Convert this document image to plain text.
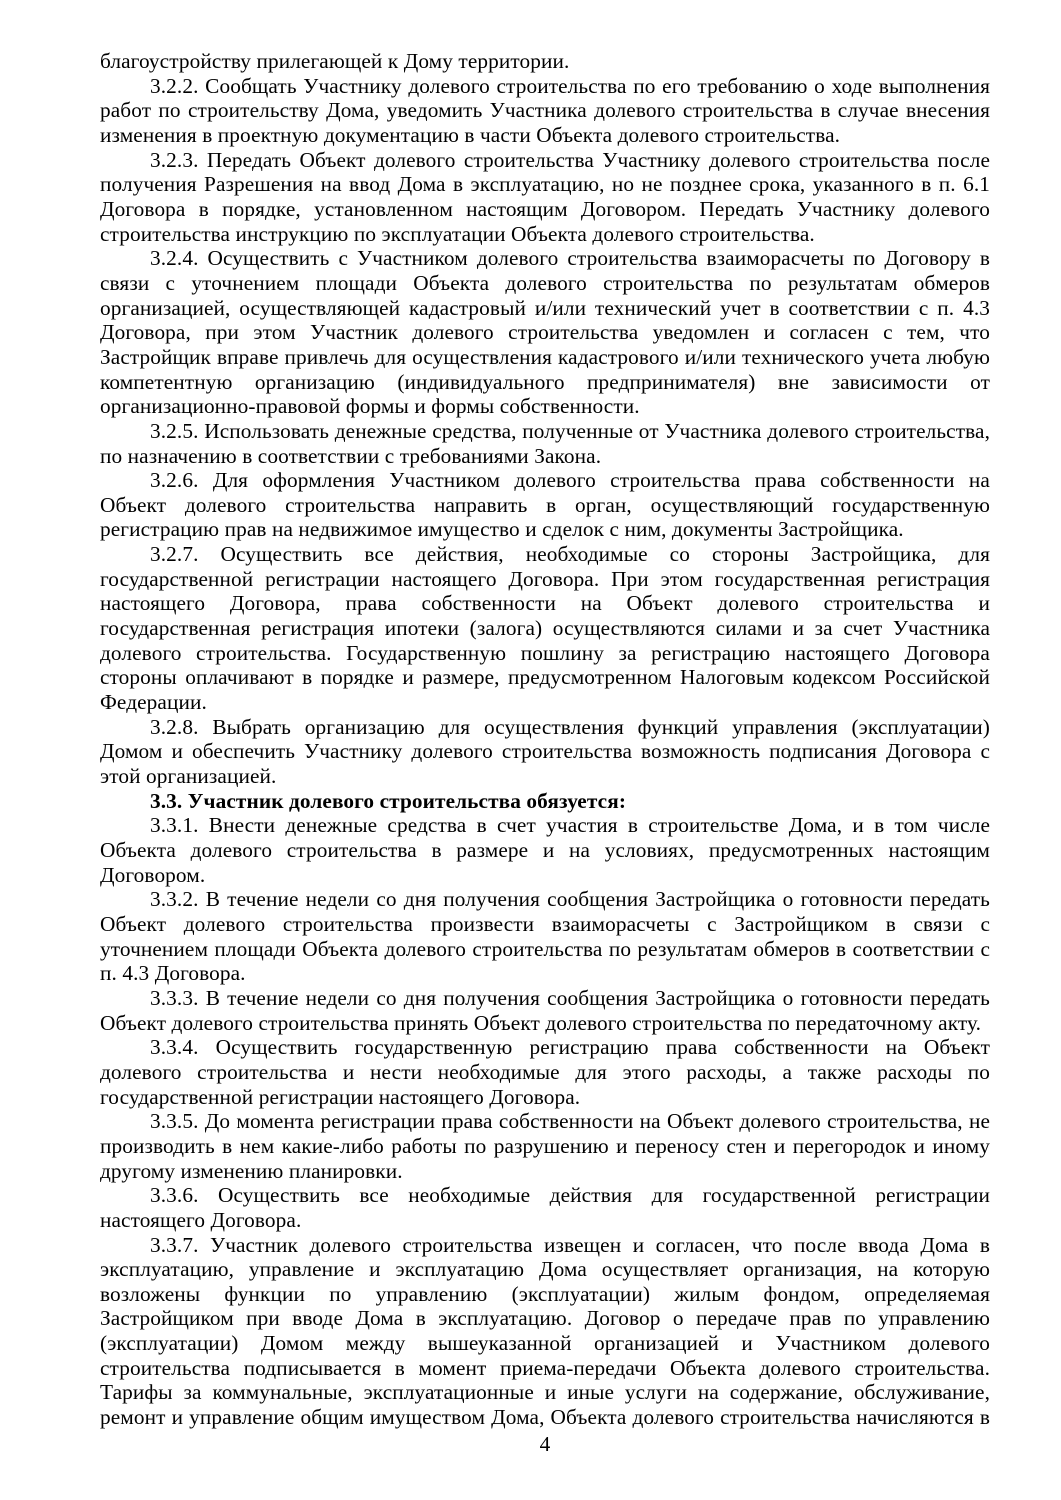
благоустройству прилегающей к Дому территории.

3.2.2. Сообщать Участнику долевого строительства по его требованию о ходе выполнения работ по строительству Дома, уведомить Участника долевого строительства в случае внесения изменения в проектную документацию в части Объекта долевого строительства.

3.2.3. Передать Объект долевого строительства Участнику долевого строительства после получения Разрешения на ввод Дома в эксплуатацию, но не позднее срока, указанного в п. 6.1 Договора в порядке, установленном настоящим Договором. Передать Участнику долевого строительства инструкцию по эксплуатации Объекта долевого строительства.

3.2.4. Осуществить с Участником долевого строительства взаиморасчеты по Договору в связи с уточнением площади Объекта долевого строительства по результатам обмеров организацией, осуществляющей кадастровый и/или технический учет в соответствии с п. 4.3 Договора, при этом Участник долевого строительства уведомлен и согласен с тем, что Застройщик вправе привлечь для осуществления кадастрового и/или технического учета любую компетентную организацию (индивидуального предпринимателя) вне зависимости от организационно-правовой формы и формы собственности.

3.2.5. Использовать денежные средства, полученные от Участника долевого строительства, по назначению в соответствии с требованиями Закона.

3.2.6. Для оформления Участником долевого строительства права собственности на Объект долевого строительства направить в орган, осуществляющий государственную регистрацию прав на недвижимое имущество и сделок с ним, документы Застройщика.

3.2.7. Осуществить все действия, необходимые со стороны Застройщика, для государственной регистрации настоящего Договора. При этом государственная регистрация настоящего Договора, права собственности на Объект долевого строительства и государственная регистрация ипотеки (залога) осуществляются силами и за счет Участника долевого строительства. Государственную пошлину за регистрацию настоящего Договора стороны оплачивают в порядке и размере, предусмотренном Налоговым кодексом Российской Федерации.

3.2.8. Выбрать организацию для осуществления функций управления (эксплуатации) Домом и обеспечить Участнику долевого строительства возможность подписания Договора с этой организацией.

3.3. Участник долевого строительства обязуется:

3.3.1. Внести денежные средства в счет участия в строительстве Дома, и в том числе Объекта долевого строительства в размере и на условиях, предусмотренных настоящим Договором.

3.3.2. В течение недели со дня получения сообщения Застройщика о готовности передать Объект долевого строительства произвести взаиморасчеты с Застройщиком в связи с уточнением площади Объекта долевого строительства по результатам обмеров в соответствии с п. 4.3 Договора.

3.3.3. В течение недели со дня получения сообщения Застройщика о готовности передать Объект долевого строительства принять Объект долевого строительства по передаточному акту.

3.3.4. Осуществить государственную регистрацию права собственности на Объект долевого строительства и нести необходимые для этого расходы, а также расходы по государственной регистрации настоящего Договора.

3.3.5. До момента регистрации права собственности на Объект долевого строительства, не производить в нем какие-либо работы по разрушению и переносу стен и перегородок и иному другому изменению планировки.

3.3.6. Осуществить все необходимые действия для государственной регистрации настоящего Договора.

3.3.7. Участник долевого строительства извещен и согласен, что после ввода Дома в эксплуатацию, управление и эксплуатацию Дома осуществляет организация, на которую возложены функции по управлению (эксплуатации) жилым фондом, определяемая Застройщиком при вводе Дома в эксплуатацию. Договор о передаче прав по управлению (эксплуатации) Домом между вышеуказанной организацией и Участником долевого строительства подписывается в момент приема-передачи Объекта долевого строительства. Тарифы за коммунальные, эксплуатационные и иные услуги на содержание, обслуживание, ремонт и управление общим имуществом Дома, Объекта долевого строительства начисляются в

4
